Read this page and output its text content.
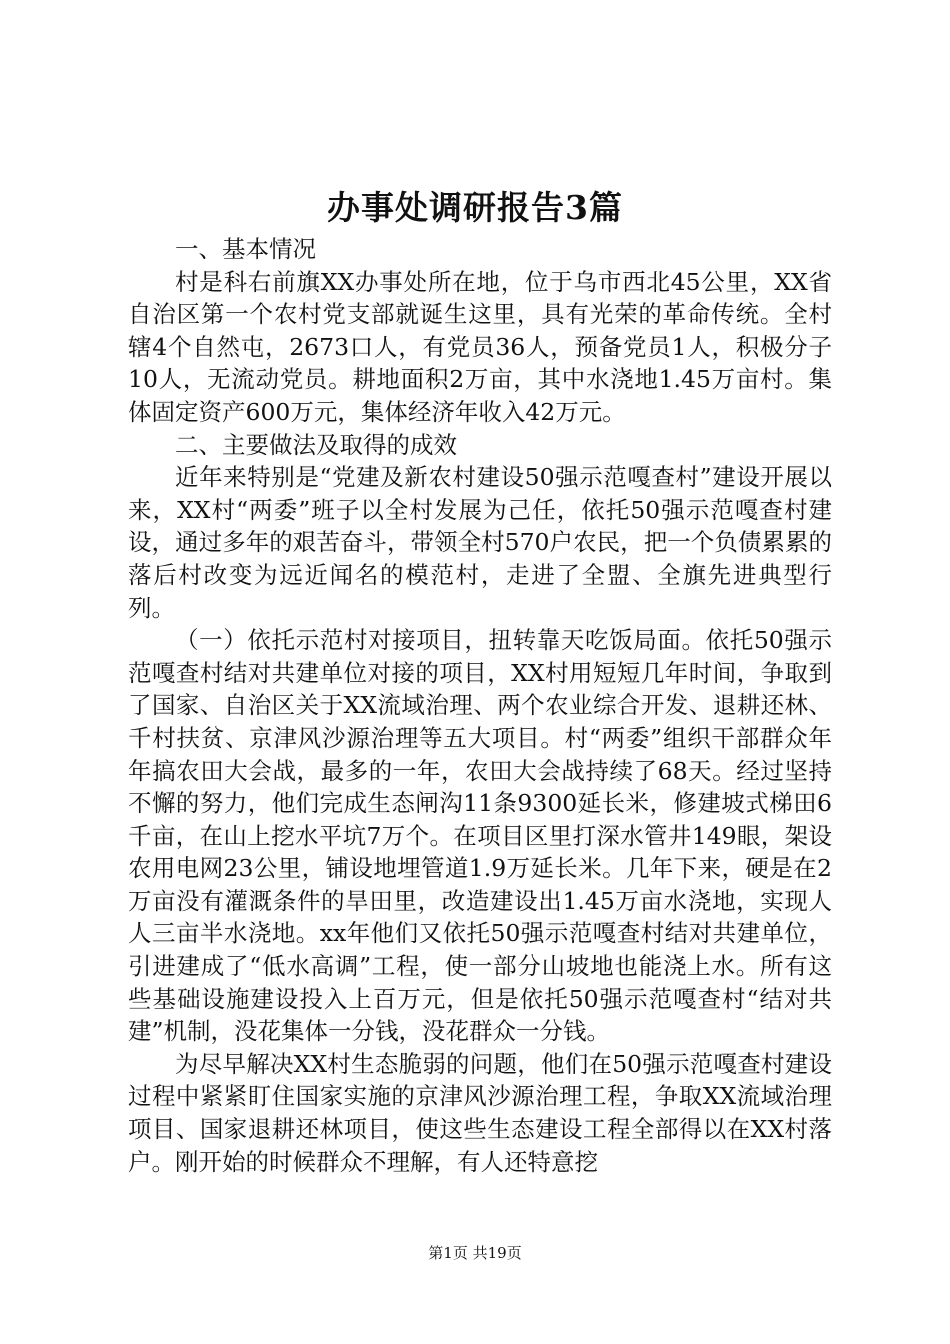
办事处调研报告3篇

一、基本情况

村是科右前旗XX办事处所在地，位于乌市西北45公里，XX省自治区第一个农村党支部就诞生这里，具有光荣的革命传统。全村辖4个自然屯，2673口人，有党员36人，预备党员1人，积极分子10人，无流动党员。耕地面积2万亩，其中水浇地1.45万亩村。集体固定资产600万元，集体经济年收入42万元。

二、主要做法及取得的成效

近年来特别是“党建及新农村建设50强示范嘎查村”建设开展以来，XX村“两委”班子以全村发展为己任，依托50强示范嘎查村建设，通过多年的艰苦奋斗，带领全村570户农民，把一个负债累累的落后村改变为远近闻名的模范村，走进了全盟、全旗先进典型行列。

（一）依托示范村对接项目，扭转靠天吃饭局面。依托50强示范嘎查村结对共建单位对接的项目，XX村用短短几年时间，争取到了国家、自治区关于XX流域治理、两个农业综合开发、退耕还林、千村扶贫、京津风沙源治理等五大项目。村“两委”组织干部群众年年搞农田大会战，最多的一年，农田大会战持续了68天。经过坚持不懈的努力，他们完成生态闸沟11条9300延长米，修建坡式梯田6千亩，在山上挖水平坑7万个。在项目区里打深水管井149眼，架设农用电网23公里，铺设地埋管道1.9万延长米。几年下来，硬是在2万亩没有灌溉条件的旱田里，改造建设出1.45万亩水浇地，实现人人三亩半水浇地。xx年他们又依托50强示范嘎查村结对共建单位，引进建成了“低水高调”工程，使一部分山坡地也能浇上水。所有这些基础设施建设投入上百万元，但是依托50强示范嘎查村“结对共建”机制，没花集体一分钱，没花群众一分钱。

为尽早解决XX村生态脆弱的问题，他们在50强示范嘎查村建设过程中紧紧盯住国家实施的京津风沙源治理工程，争取XX流域治理项目、国家退耕还林项目，使这些生态建设工程全部得以在XX村落户。刚开始的时候群众不理解，有人还特意挖

第1页 共19页
